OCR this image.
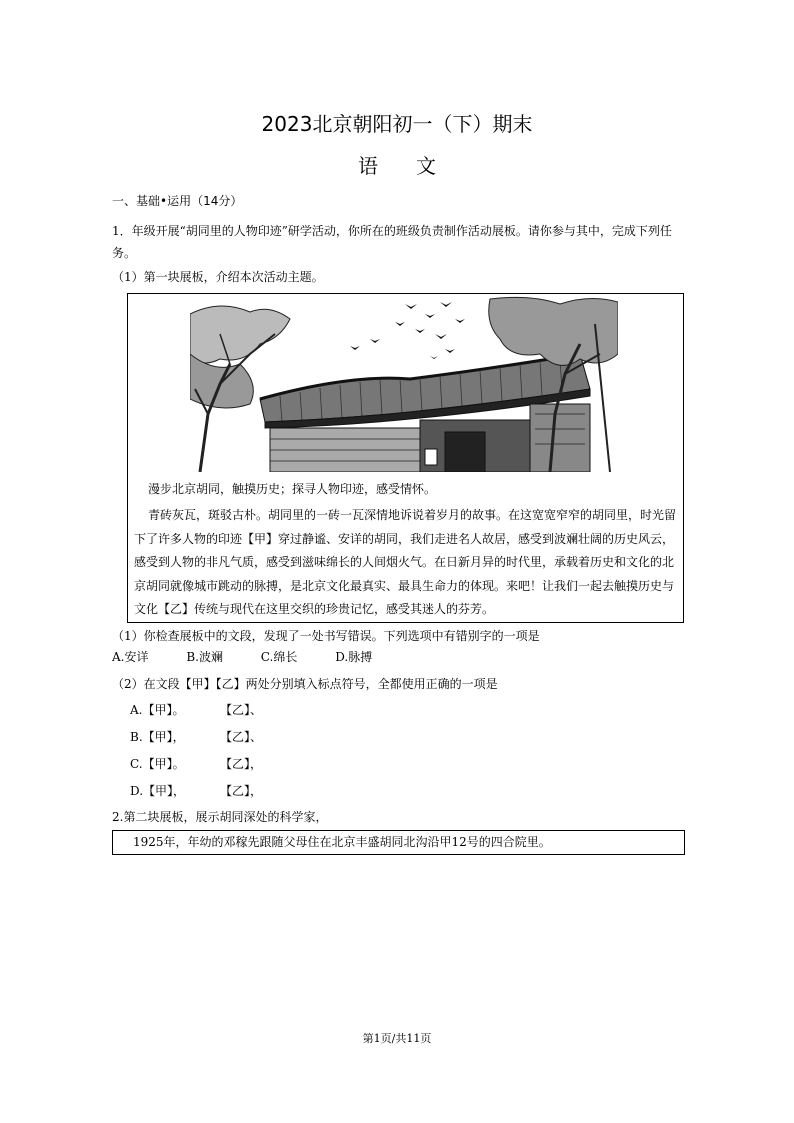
2023北京朝阳初一（下）期末
语文
一、基础•运用（14分）
1．年级开展“胡同里的人物印迹”研学活动，你所在的班级负责制作活动展板。请你参与其中，完成下列任务。
（1）第一块展板，介绍本次活动主题。
漫步北京胡同，触摸历史；探寻人物印迹，感受情怀。
青砖灰瓦，斑驳古朴。胡同里的一砖一瓦深情地诉说着岁月的故事。在这宽宽窄窄的胡同里，时光留下了许多人物的印迹【甲】穿过静谧、安详的胡同，我们走进名人故居，感受到波斓壮阔的历史风云，感受到人物的非凡气质，感受到滋味绵长的人间烟火气。在日新月异的时代里，承载着历史和文化的北京胡同就像城市跳动的脉搏，是北京文化最真实、最具生命力的体现。来吧！让我们一起去触摸历史与文化【乙】传统与现代在这里交织的珍贵记忆，感受其迷人的芬芳。
（1）你检查展板中的文段，发现了一处书写错误。下列选项中有错别字的一项是
A.安详	B.波斓	C.绵长	D.脉搏
（2）在文段【甲】【乙】两处分别填入标点符号，全都使用正确的一项是
A.【甲】。	【乙】、
B.【甲】，	【乙】、
C.【甲】。	【乙】，
D.【甲】，	【乙】，
2.第二块展板，展示胡同深处的科学家，
1925年，年幼的邓稼先跟随父母住在北京丰盛胡同北沟沿甲12号的四合院里。
第1页/共11页
